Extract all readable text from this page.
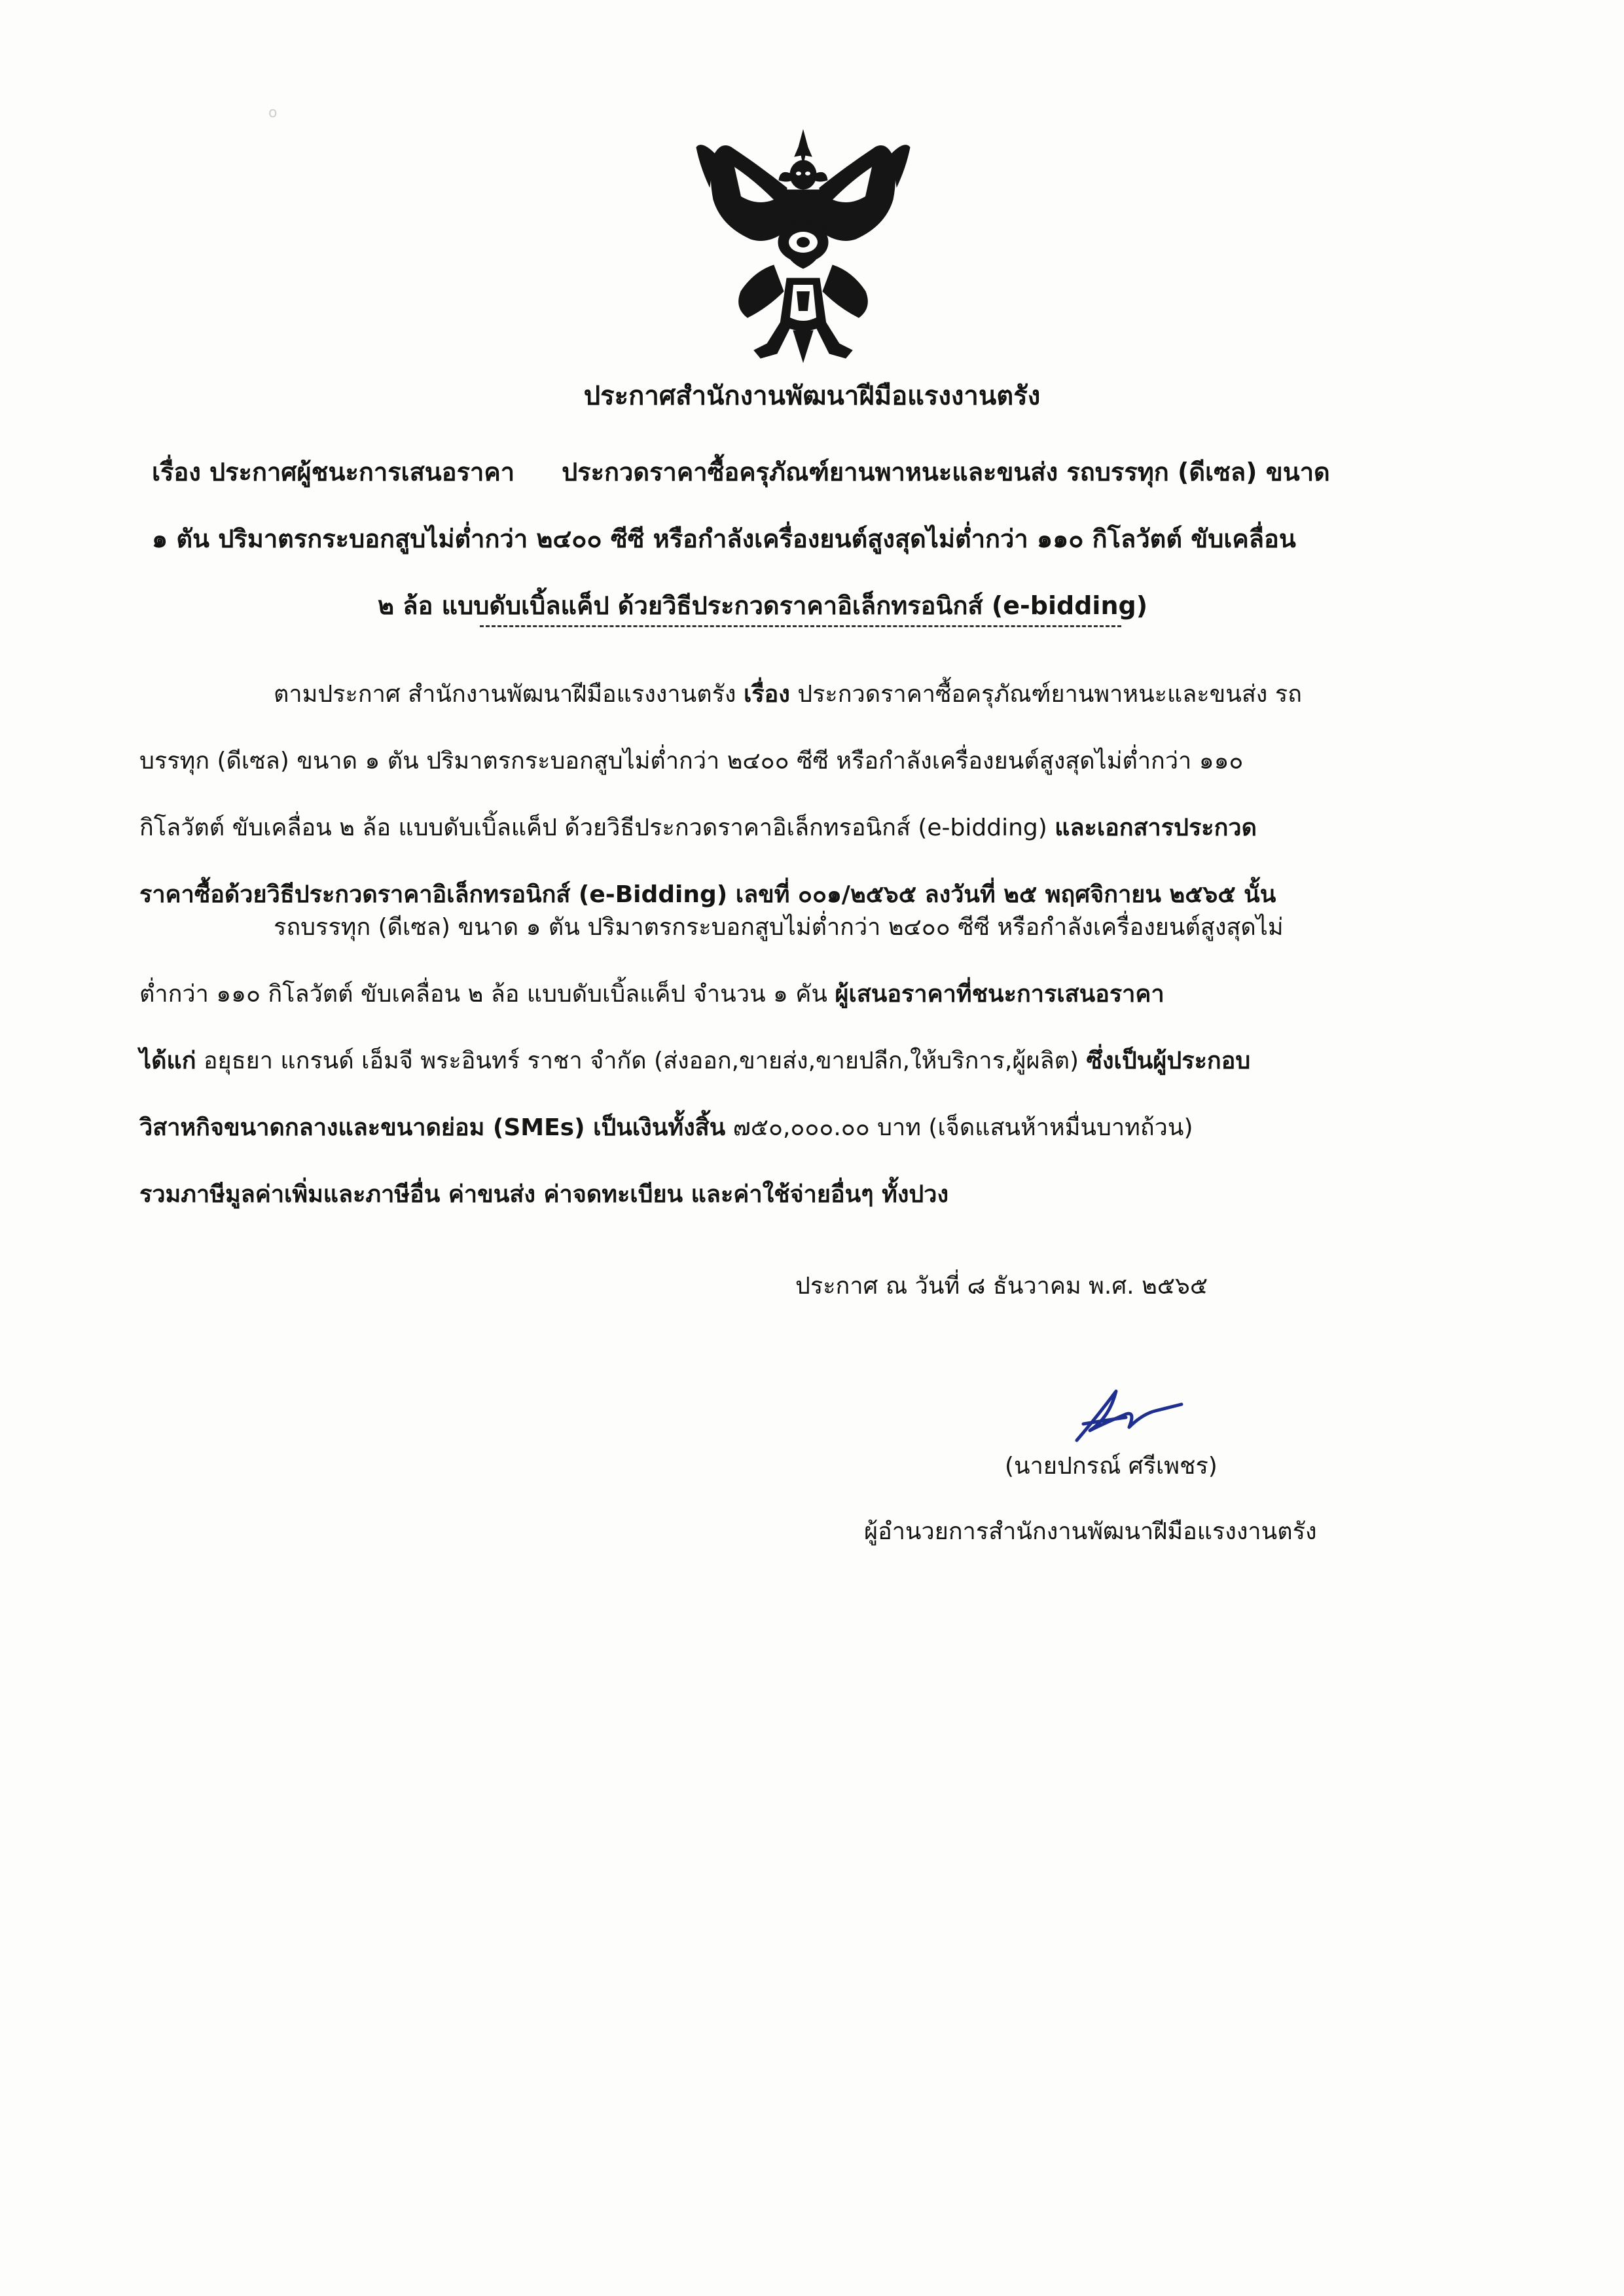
o
ประกาศสำนักงานพัฒนาฝีมือแรงงานตรัง
เรื่อง ประกาศผู้ชนะการเสนอราคา ประกวดราคาซื้อครุภัณฑ์ยานพาหนะและขนส่ง รถบรรทุก (ดีเซล) ขนาด
๑ ตัน ปริมาตรกระบอกสูบไม่ต่ำกว่า ๒๔๐๐ ซีซี หรือกำลังเครื่องยนต์สูงสุดไม่ต่ำกว่า ๑๑๐ กิโลวัตต์ ขับเคลื่อน
๒ ล้อ แบบดับเบิ้ลแค็ป ด้วยวิธีประกวดราคาอิเล็กทรอนิกส์ (e-bidding)
ตามประกาศ สำนักงานพัฒนาฝีมือแรงงานตรัง เรื่อง ประกวดราคาซื้อครุภัณฑ์ยานพาหนะและขนส่ง รถ
บรรทุก (ดีเซล) ขนาด ๑ ตัน ปริมาตรกระบอกสูบไม่ต่ำกว่า ๒๔๐๐ ซีซี หรือกำลังเครื่องยนต์สูงสุดไม่ต่ำกว่า ๑๑๐
กิโลวัตต์ ขับเคลื่อน ๒ ล้อ แบบดับเบิ้ลแค็ป ด้วยวิธีประกวดราคาอิเล็กทรอนิกส์ (e-bidding) และเอกสารประกวด
ราคาซื้อด้วยวิธีประกวดราคาอิเล็กทรอนิกส์ (e-Bidding) เลขที่ ๐๐๑/๒๕๖๕ ลงวันที่ ๒๕ พฤศจิกายน ๒๕๖๕ นั้น
รถบรรทุก (ดีเซล) ขนาด ๑ ตัน ปริมาตรกระบอกสูบไม่ต่ำกว่า ๒๔๐๐ ซีซี หรือกำลังเครื่องยนต์สูงสุดไม่
ต่ำกว่า ๑๑๐ กิโลวัตต์ ขับเคลื่อน ๒ ล้อ แบบดับเบิ้ลแค็ป จำนวน ๑ คัน ผู้เสนอราคาที่ชนะการเสนอราคา
ได้แก่ อยุธยา แกรนด์ เอ็มจี พระอินทร์ ราชา จำกัด (ส่งออก,ขายส่ง,ขายปลีก,ให้บริการ,ผู้ผลิต) ซึ่งเป็นผู้ประกอบ
วิสาหกิจขนาดกลางและขนาดย่อม (SMEs) เป็นเงินทั้งสิ้น ๗๕๐,๐๐๐.๐๐ บาท (เจ็ดแสนห้าหมื่นบาทถ้วน)
รวมภาษีมูลค่าเพิ่มและภาษีอื่น ค่าขนส่ง ค่าจดทะเบียน และค่าใช้จ่ายอื่นๆ ทั้งปวง
ประกาศ ณ วันที่ ๘ ธันวาคม พ.ศ. ๒๕๖๕
(นายปกรณ์ ศรีเพชร)
ผู้อำนวยการสำนักงานพัฒนาฝีมือแรงงานตรัง
